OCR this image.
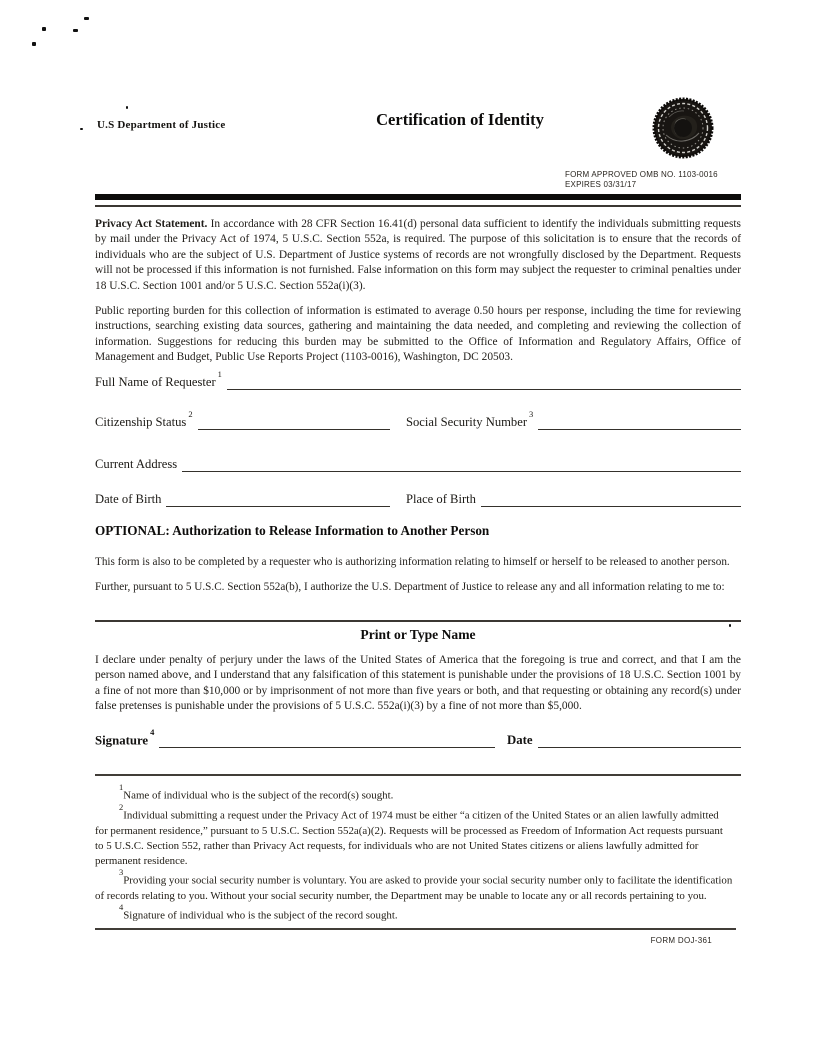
U.S Department of Justice	Certification of Identity
FORM APPROVED OMB NO. 1103-0016
EXPIRES 03/31/17

Privacy Act Statement. In accordance with 28 CFR Section 16.41(d) personal data sufficient to identify the individuals submitting requests by mail under the Privacy Act of 1974, 5 U.S.C. Section 552a, is required. The purpose of this solicitation is to ensure that the records of individuals who are the subject of U.S. Department of Justice systems of records are not wrongfully disclosed by the Department. Requests will not be processed if this information is not furnished. False information on this form may subject the requester to criminal penalties under 18 U.S.C. Section 1001 and/or 5 U.S.C. Section 552a(i)(3).

Public reporting burden for this collection of information is estimated to average 0.50 hours per response, including the time for reviewing instructions, searching existing data sources, gathering and maintaining the data needed, and completing and reviewing the collection of information. Suggestions for reducing this burden may be submitted to the Office of Information and Regulatory Affairs, Office of Management and Budget, Public Use Reports Project (1103-0016), Washington, DC 20503.

Full Name of Requester$^1$
Citizenship Status$^2$
Social Security Number$^3$
Current Address
Date of Birth	Place of Birth
OPTIONAL: Authorization to Release Information to Another Person

This form is also to be completed by a requester who is authorizing information relating to himself or herself to be released to another person.

Further, pursuant to 5 U.S.C. Section 552a(b), I authorize the U.S. Department of Justice to release any and all information relating to me to:

Print or Type Name

I declare under penalty of perjury under the laws of the United States of America that the foregoing is true and correct, and that I am the person named above, and I understand that any falsification of this statement is punishable under the provisions of 18 U.S.C. Section 1001 by a fine of not more than $10,000 or by imprisonment of not more than five years or both, and that requesting or obtaining any record(s) under false pretenses is punishable under the provisions of 5 U.S.C. 552a(i)(3) by a fine of not more than $5,000.

Signature$^4$
Date

$^1$Name of individual who is the subject of the record(s) sought.

$^2$Individual submitting a request under the Privacy Act of 1974 must be either “a citizen of the United States or an alien lawfully admitted for permanent residence,” pursuant to 5 U.S.C. Section 552a(a)(2). Requests will be processed as Freedom of Information Act requests pursuant to 5 U.S.C. Section 552, rather than Privacy Act requests, for individuals who are not United States citizens or aliens lawfully admitted for permanent residence.

$^3$Providing your social security number is voluntary. You are asked to provide your social security number only to facilitate the identification of records relating to you. Without your social security number, the Department may be unable to locate any or all records pertaining to you.

$^4$Signature of individual who is the subject of the record sought.

FORM DOJ-361
